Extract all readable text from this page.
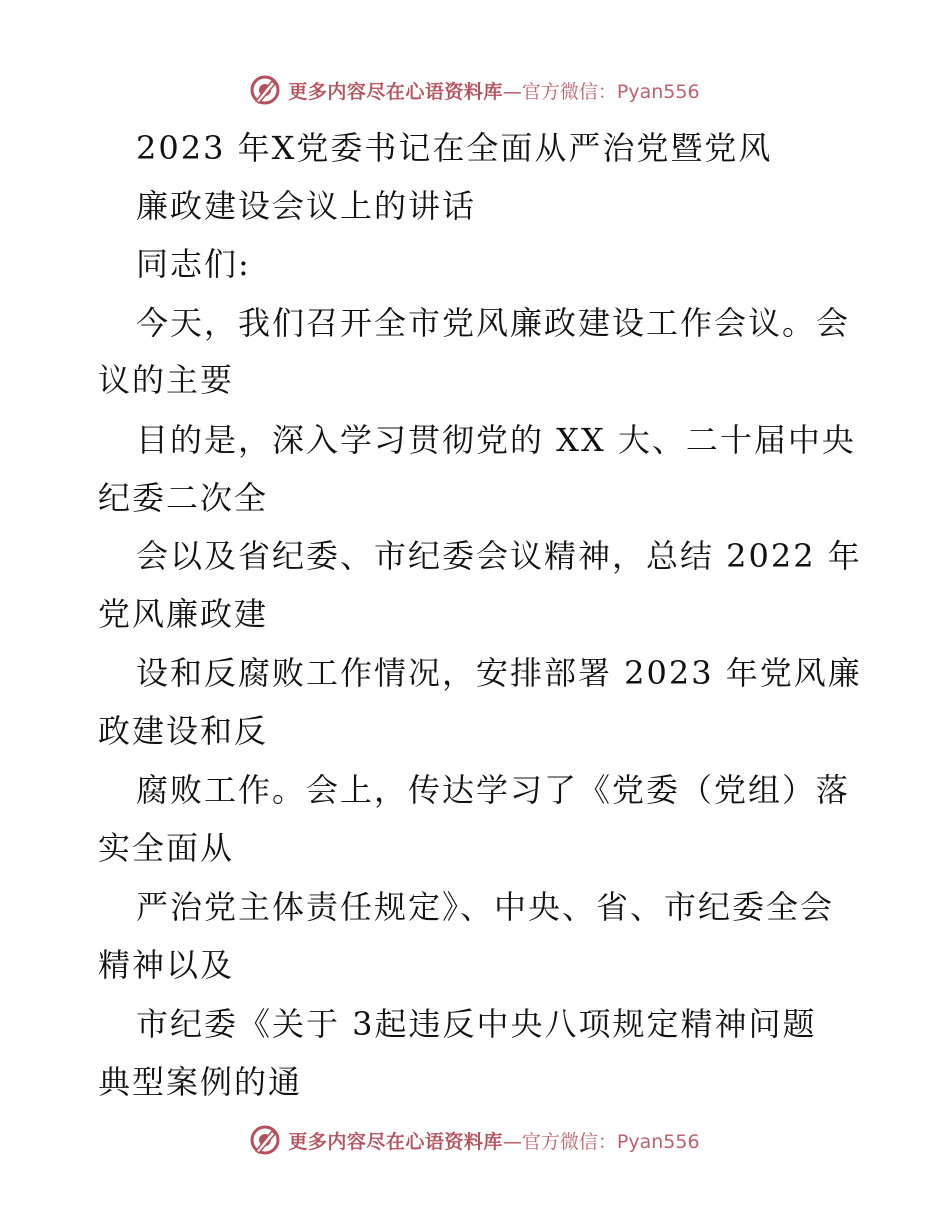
更多内容尽在心语资料库—官方微信：Pyan556
2023 年X党委书记在全面从严治党暨党风
廉政建设会议上的讲话
同志们:
今天，我们召开全市党风廉政建设工作会议。会
议的主要
目的是，深入学习贯彻党的 XX 大、二十届中央
纪委二次全
会以及省纪委、市纪委会议精神，总结 2022 年
党风廉政建
设和反腐败工作情况，安排部署 2023 年党风廉
政建设和反
腐败工作。会上，传达学习了《党委（党组）落
实全面从
严治党主体责任规定》、中央、省、市纪委全会
精神以及
市纪委《关于 3起违反中央八项规定精神问题
典型案例的通
更多内容尽在心语资料库—官方微信：Pyan556
